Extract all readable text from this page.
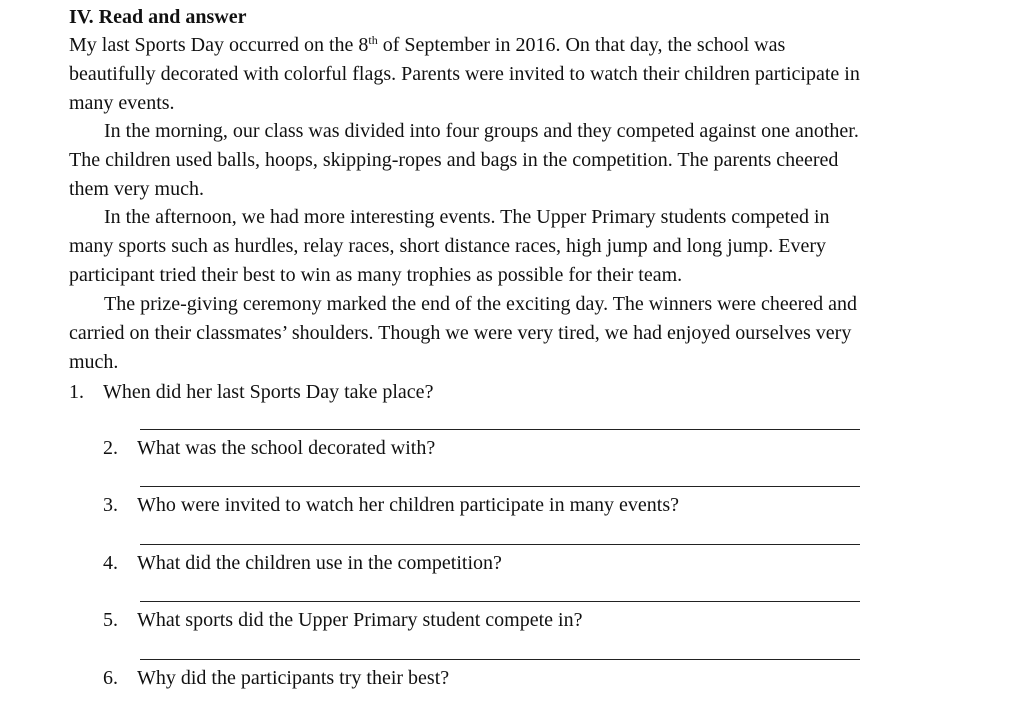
IV. Read and answer
My last Sports Day occurred on the 8th of September in 2016. On that day, the school was
beautifully decorated with colorful flags. Parents were invited to watch their children participate in
many events.
In the morning, our class was divided into four groups and they competed against one another.
The children used balls, hoops, skipping-ropes and bags in the competition. The parents cheered
them very much.
In the afternoon, we had more interesting events. The Upper Primary students competed in
many sports such as hurdles, relay races, short distance races, high jump and long jump. Every
participant tried their best to win as many trophies as possible for their team.
The prize-giving ceremony marked the end of the exciting day. The winners were cheered and
carried on their classmates’ shoulders. Though we were very tired, we had enjoyed ourselves very
much.
1. When did her last Sports Day take place?
2. What was the school decorated with?
3. Who were invited to watch her children participate in many events?
4. What did the children use in the competition?
5. What sports did the Upper Primary student compete in?
6. Why did the participants try their best?
